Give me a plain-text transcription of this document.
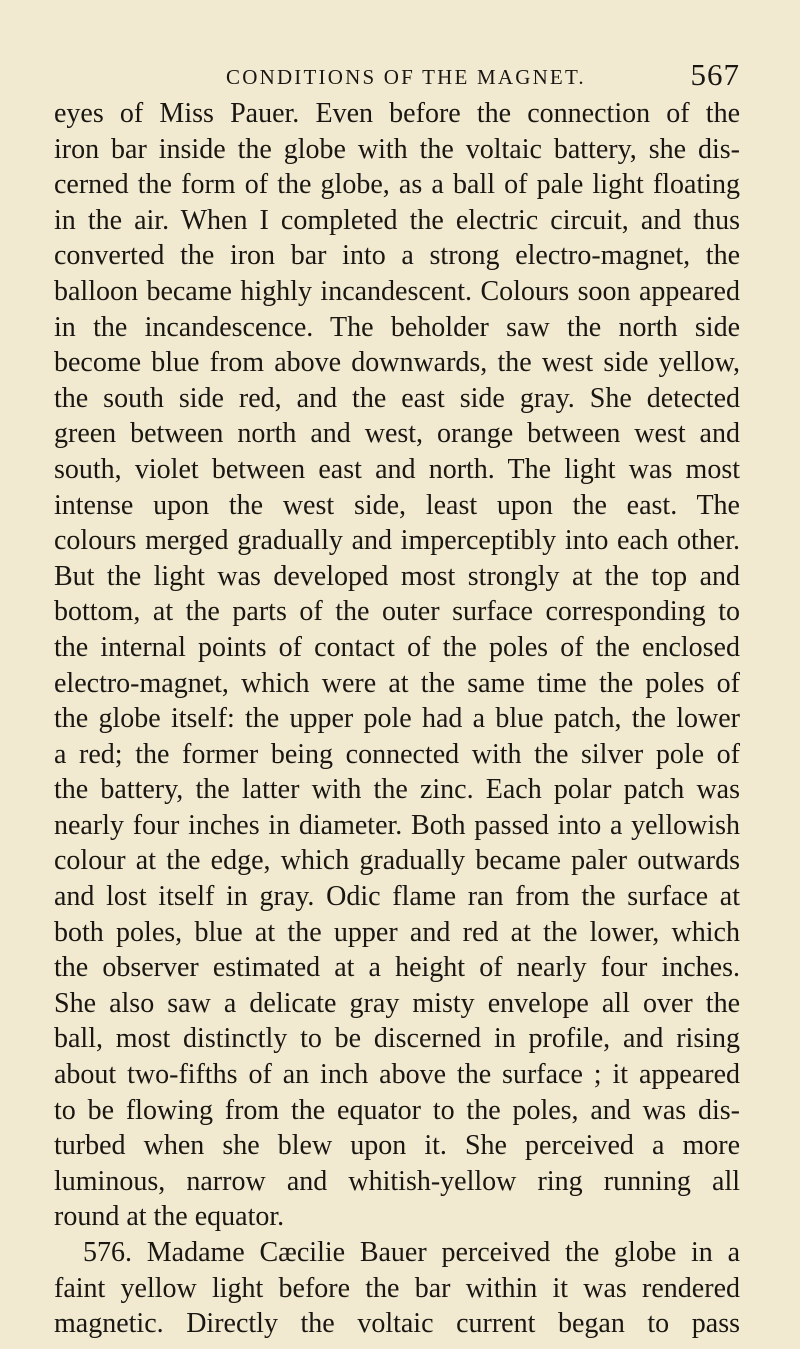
CONDITIONS OF THE MAGNET.	567
eyes of Miss Pauer. Even before the connection of the
iron bar inside the globe with the voltaic battery, she dis-
cerned the form of the globe, as a ball of pale light floating
in the air. When I completed the electric circuit, and thus
converted the iron bar into a strong electro-magnet, the
balloon became highly incandescent. Colours soon appeared
in the incandescence. The beholder saw the north side
become blue from above downwards, the west side yellow,
the south side red, and the east side gray. She detected
green between north and west, orange between west and
south, violet between east and north. The light was most
intense upon the west side, least upon the east. The
colours merged gradually and imperceptibly into each other.
But the light was developed most strongly at the top and
bottom, at the parts of the outer surface corresponding to
the internal points of contact of the poles of the enclosed
electro-magnet, which were at the same time the poles of
the globe itself: the upper pole had a blue patch, the lower
a red; the former being connected with the silver pole of
the battery, the latter with the zinc. Each polar patch was
nearly four inches in diameter. Both passed into a yellowish
colour at the edge, which gradually became paler outwards
and lost itself in gray. Odic flame ran from the surface at
both poles, blue at the upper and red at the lower, which
the observer estimated at a height of nearly four inches.
She also saw a delicate gray misty envelope all over the
ball, most distinctly to be discerned in profile, and rising
about two-fifths of an inch above the surface ; it appeared
to be flowing from the equator to the poles, and was dis-
turbed when she blew upon it. She perceived a more
luminous, narrow and whitish-yellow ring running all
round at the equator.
576. Madame Cæcilie Bauer perceived the globe in a
faint yellow light before the bar within it was rendered
magnetic. Directly the voltaic current began to pass
